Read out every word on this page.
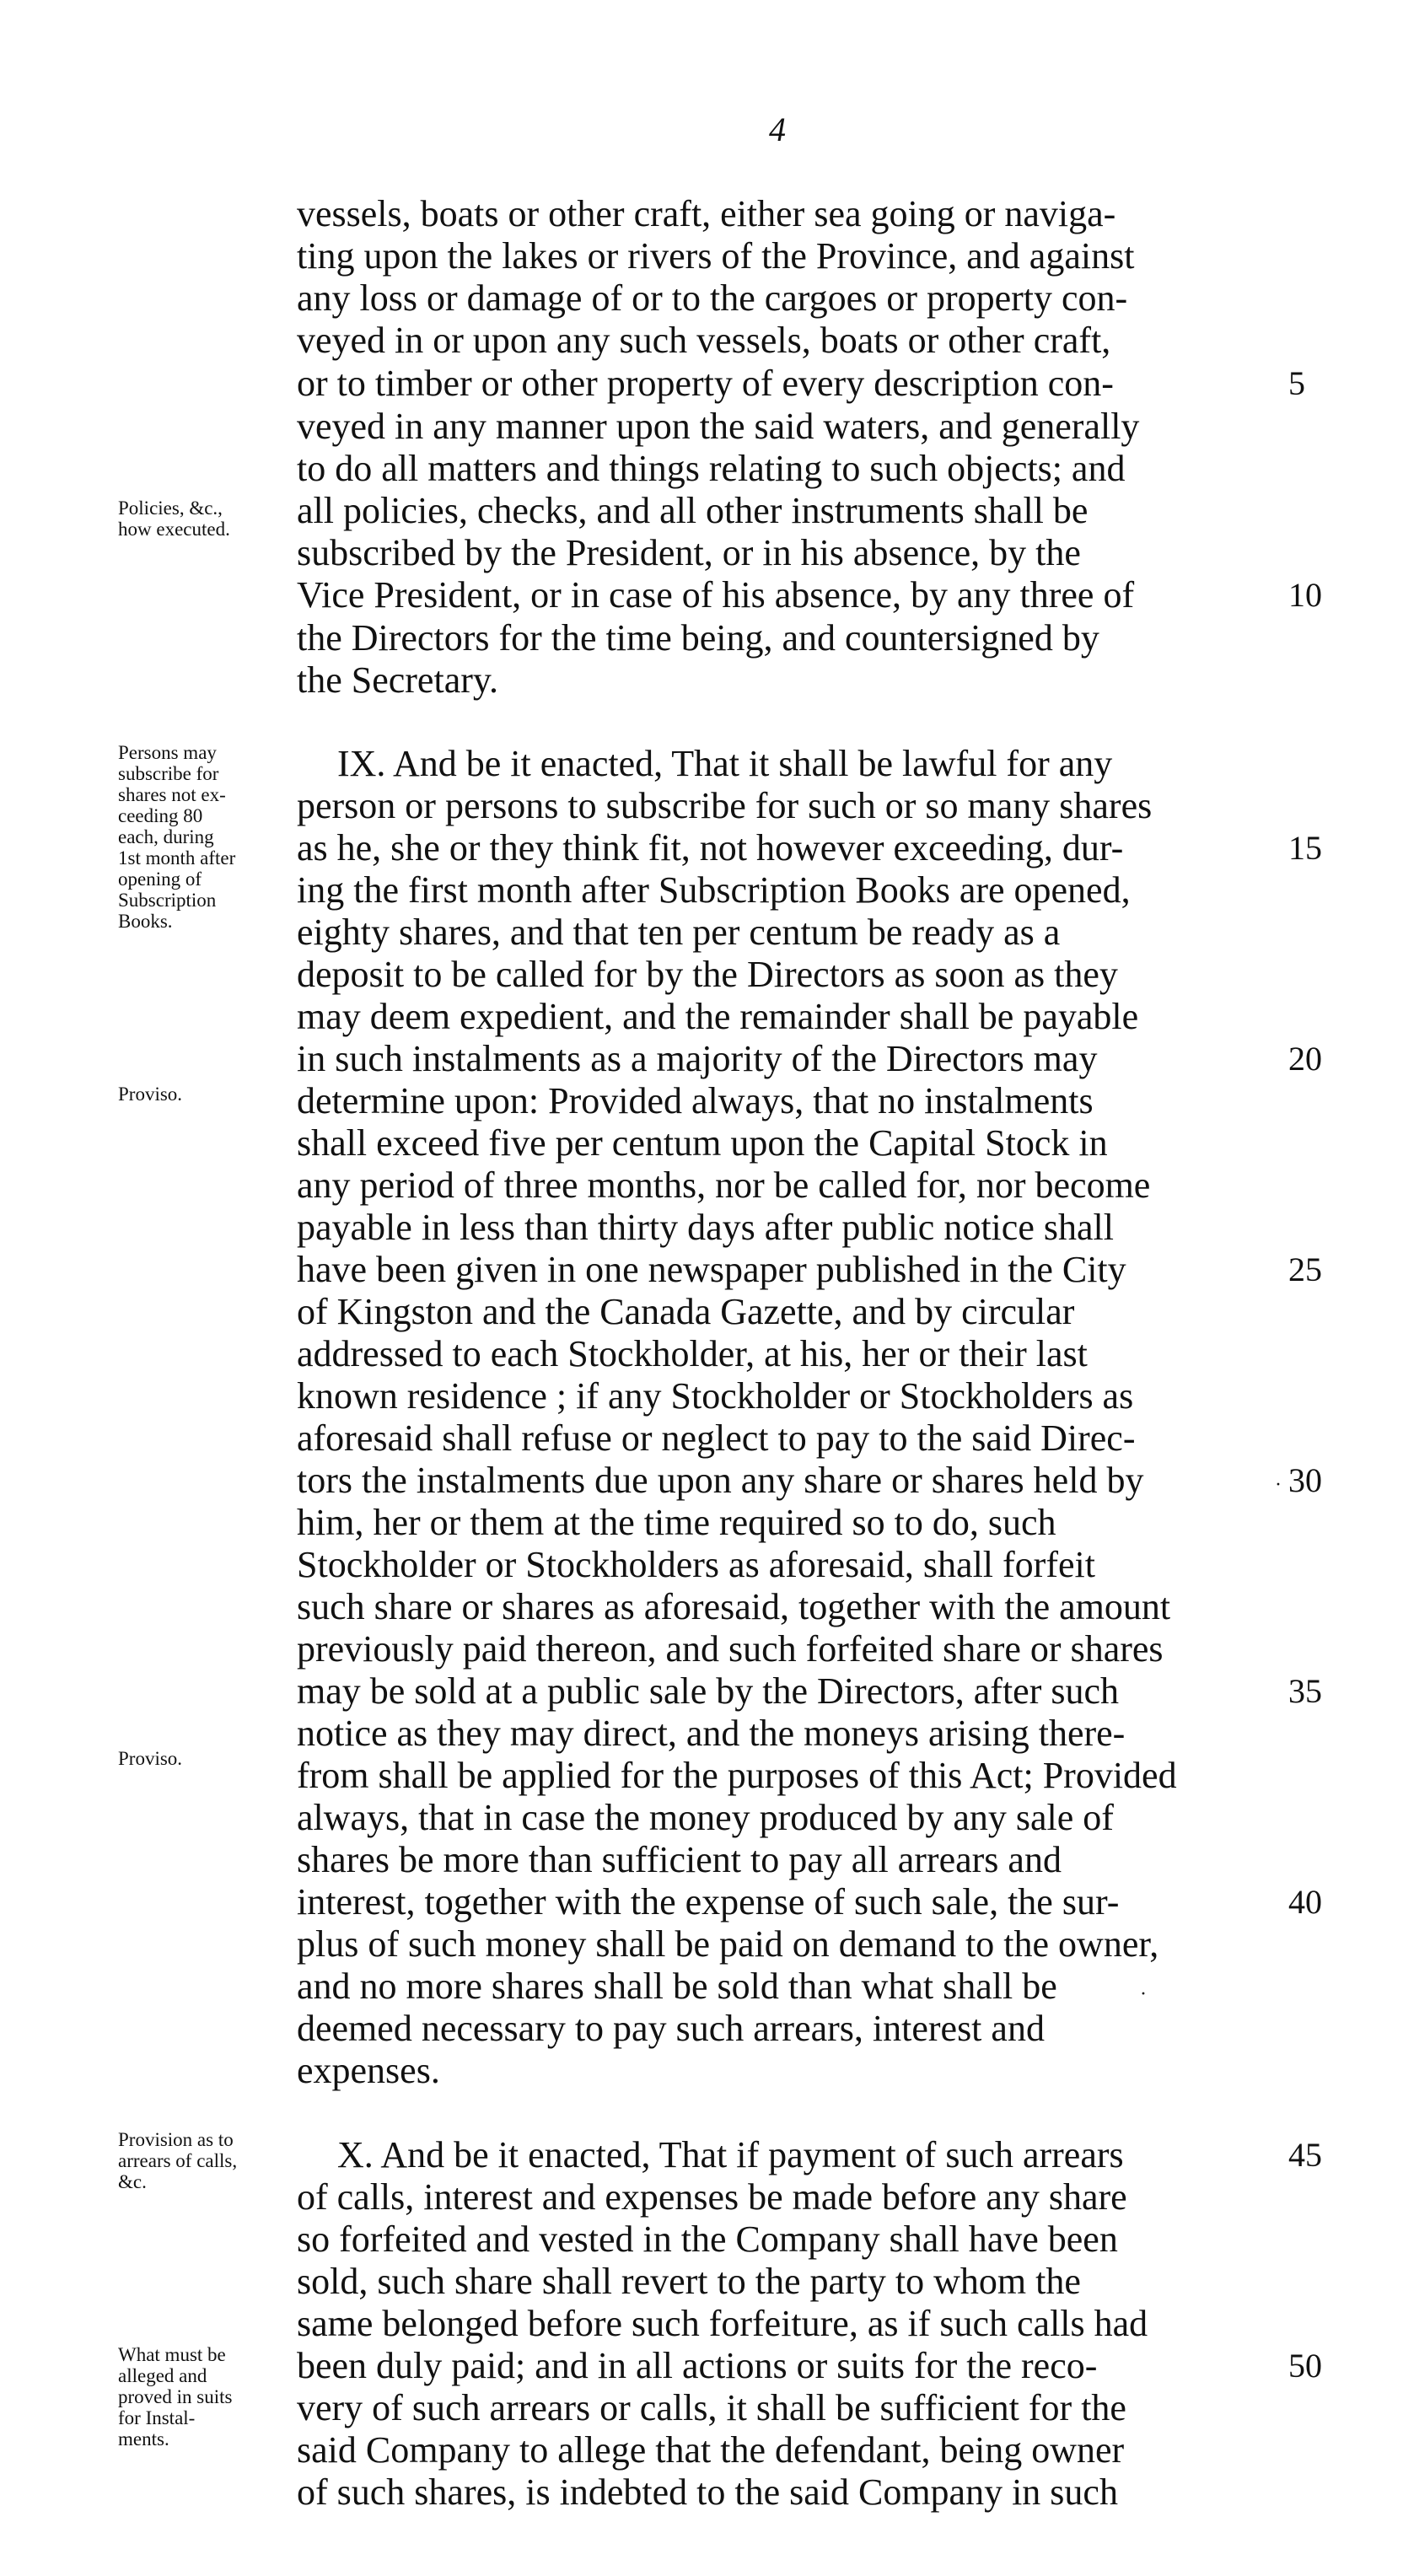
4
vessels, boats or other craft, either sea going or naviga-
ting upon the lakes or rivers of the Province, and against
any loss or damage of or to the cargoes or property con-
veyed in or upon any such vessels, boats or other craft,
or to timber or other property of every description con-
veyed in any manner upon the said waters, and generally
to do all matters and things relating to such objects; and
all policies, checks, and all other instruments shall be
subscribed by the President, or in his absence, by the
Vice President, or in case of his absence, by any three of
the Directors for the time being, and countersigned by
the Secretary.
IX. And be it enacted, That it shall be lawful for any
person or persons to subscribe for such or so many shares
as he, she or they think fit, not however exceeding, dur-
ing the first month after Subscription Books are opened,
eighty shares, and that ten per centum be ready as a
deposit to be called for by the Directors as soon as they
may deem expedient, and the remainder shall be payable
in such instalments as a majority of the Directors may
determine upon: Provided always, that no instalments
shall exceed five per centum upon the Capital Stock in
any period of three months, nor be called for, nor become
payable in less than thirty days after public notice shall
have been given in one newspaper published in the City
of Kingston and the Canada Gazette, and by circular
addressed to each Stockholder, at his, her or their last
known residence ; if any Stockholder or Stockholders as
aforesaid shall refuse or neglect to pay to the said Direc-
tors the instalments due upon any share or shares held by
him, her or them at the time required so to do, such
Stockholder or Stockholders as aforesaid, shall forfeit
such share or shares as aforesaid, together with the amount
previously paid thereon, and such forfeited share or shares
may be sold at a public sale by the Directors, after such
notice as they may direct, and the moneys arising there-
from shall be applied for the purposes of this Act; Provided
always, that in case the money produced by any sale of
shares be more than sufficient to pay all arrears and
interest, together with the expense of such sale, the sur-
plus of such money shall be paid on demand to the owner,
and no more shares shall be sold than what shall be
deemed necessary to pay such arrears, interest and
expenses.
X. And be it enacted, That if payment of such arrears
of calls, interest and expenses be made before any share
so forfeited and vested in the Company shall have been
sold, such share shall revert to the party to whom the
same belonged before such forfeiture, as if such calls had
been duly paid; and in all actions or suits for the reco-
very of such arrears or calls, it shall be sufficient for the
said Company to allege that the defendant, being owner
of such shares, is indebted to the said Company in such
5
10
15
20
25
30
35
40
45
50
Policies, &c.,
how executed.
Persons may
subscribe for
shares not ex-
ceeding 80
each, during
1st month after
opening of
Subscription
Books.
Proviso.
Proviso.
Provision as to
arrears of calls,
&c.
What must be
alleged and
proved in suits
for Instal-
ments.
·
·
